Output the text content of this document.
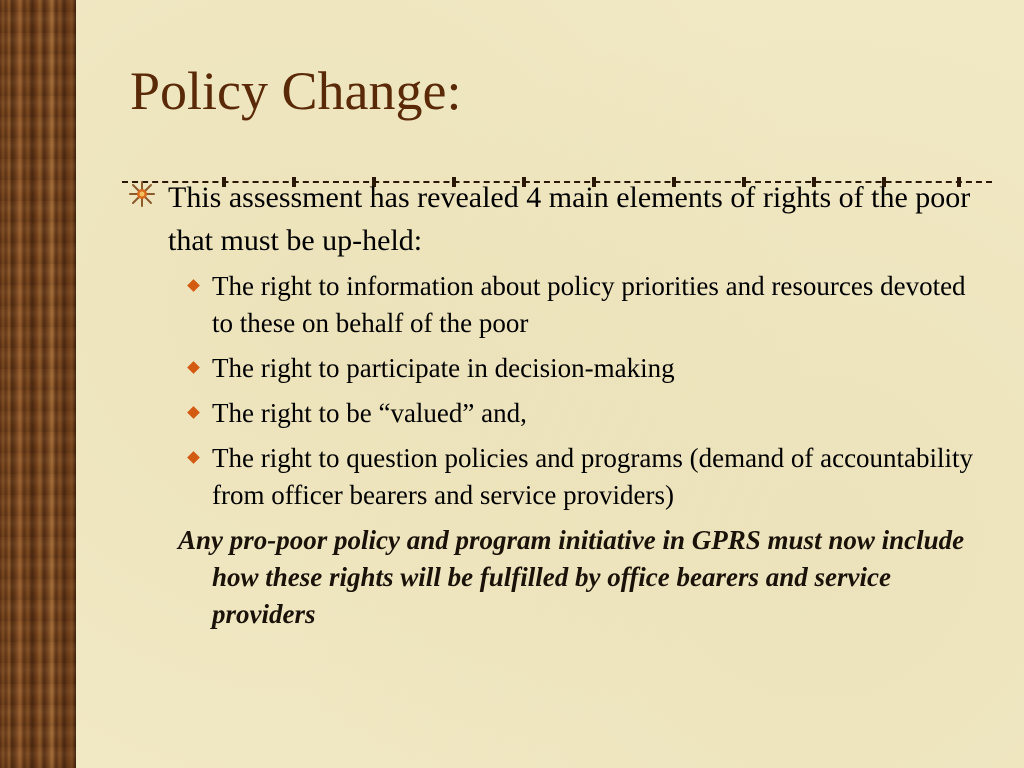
Policy Change:

This assessment has revealed 4 main elements of rights of the poor that must be up-held:

The right to information about policy priorities and resources devoted to these on behalf of the poor
The right to participate in decision-making
The right to be “valued” and,
The right to question policies and programs (demand of accountability from officer bearers and service providers)

Any pro-poor policy and program initiative in GPRS must now include how these rights will be fulfilled by office bearers and service providers
